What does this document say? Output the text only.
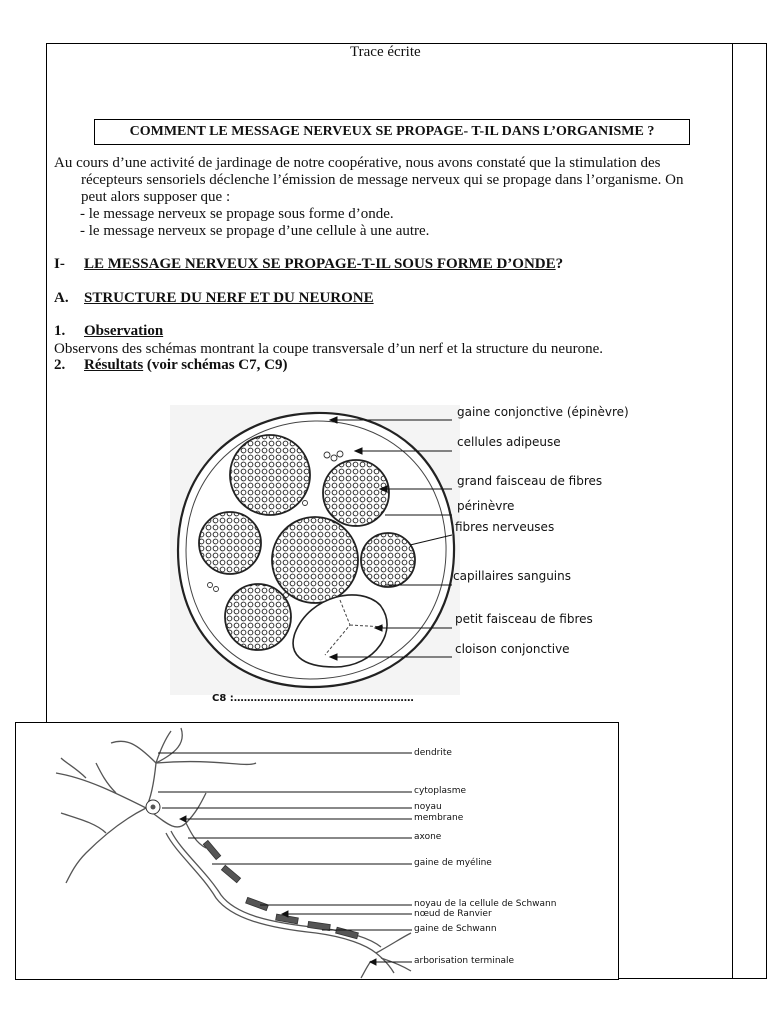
Trace écrite
COMMENT LE MESSAGE NERVEUX SE PROPAGE- T-IL DANS L’ORGANISME ?
Au cours d’une activité de jardinage de notre coopérative, nous avons constaté que la stimulation des
récepteurs sensoriels déclenche l’émission de message nerveux qui se propage dans l’organisme. On
peut alors supposer que :
- le message nerveux se propage sous forme d’onde.
- le message nerveux se propage d’une cellule à une autre.
I- LE MESSAGE NERVEUX SE PROPAGE-T-IL SOUS FORME D’ONDE?
A. STRUCTURE DU NERF ET DU NEURONE
1. Observation
Observons des schémas montrant la coupe transversale d’un nerf et la structure du neurone.
2. Résultats (voir schémas C7, C9)
gaine conjonctive (épinèvre)
cellules adipeuse
grand faisceau de fibres
périnèvre
fibres nerveuses
capillaires sanguins
petit faisceau de fibres
cloison conjonctive
C8 :………………………………………………
dendrite
cytoplasme
noyau
membrane
axone
gaine de myéline
noyau de la cellule de Schwann
nœud de Ranvier
gaine de Schwann
arborisation terminale
